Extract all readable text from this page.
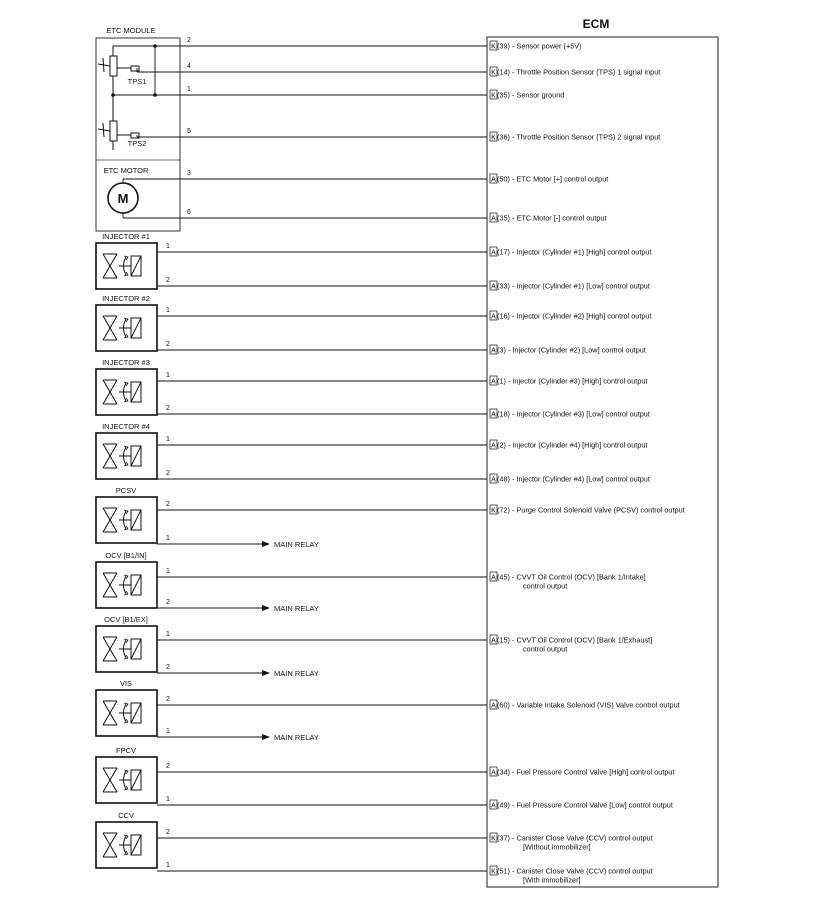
ECM
ETC MODULE
ETC MOTOR
M
TPS1
TPS2
INJECTOR #1
INJECTOR #2
INJECTOR #3
INJECTOR #4
PCSV
OCV [B1/IN]
OCV [B1/EX]
VIS
FPCV
CCV
2
K (39) - Sensor power (+5V)
4
K (14) - Throttle Position Sensor (TPS) 1 signal input
1
K (35) - Sensor ground
5
K (36) - Throttle Position Sensor (TPS) 2 signal input
3
A (50) - ETC Motor [+] control output
6
A (35) - ETC Motor [-] control output
1
A (17) - Injector (Cylinder #1) [High] control output
2
A (33) - Injector (Cylinder #1) [Low] control output
1
A (16) - Injector (Cylinder #2) [High] control output
2
A (3) - Injector (Cylinder #2) [Low] control output
1
A (1) - Injector (Cylinder #3) [High] control output
2
A (18) - Injector (Cylinder #3) [Low] control output
1
A (2) - Injector (Cylinder #4) [High] control output
2
A (48) - Injector (Cylinder #4) [Low] control output
2
K (72) - Purge Control Solenoid Valve (PCSV) control output
1
MAIN RELAY
1
A (45) - CVVT Oil Control (OCV) [Bank 1/Intake]
control output
2
MAIN RELAY
1
A (15) - CVVT Oil Control (OCV) [Bank 1/Exhaust]
control output
2
MAIN RELAY
2
A (60) - Variable Intake Solenoid (VIS) Valve control output
1
MAIN RELAY
2
A (34) - Fuel Pressure Control Valve [High] control output
1
A (49) - Fuel Pressure Control Valve [Low] control output
2
K (37) - Canister Close Valve (CCV) control output
[Without immobilizer]
1
K (51) - Canister Close Valve (CCV) control output
[With immobilizer]
